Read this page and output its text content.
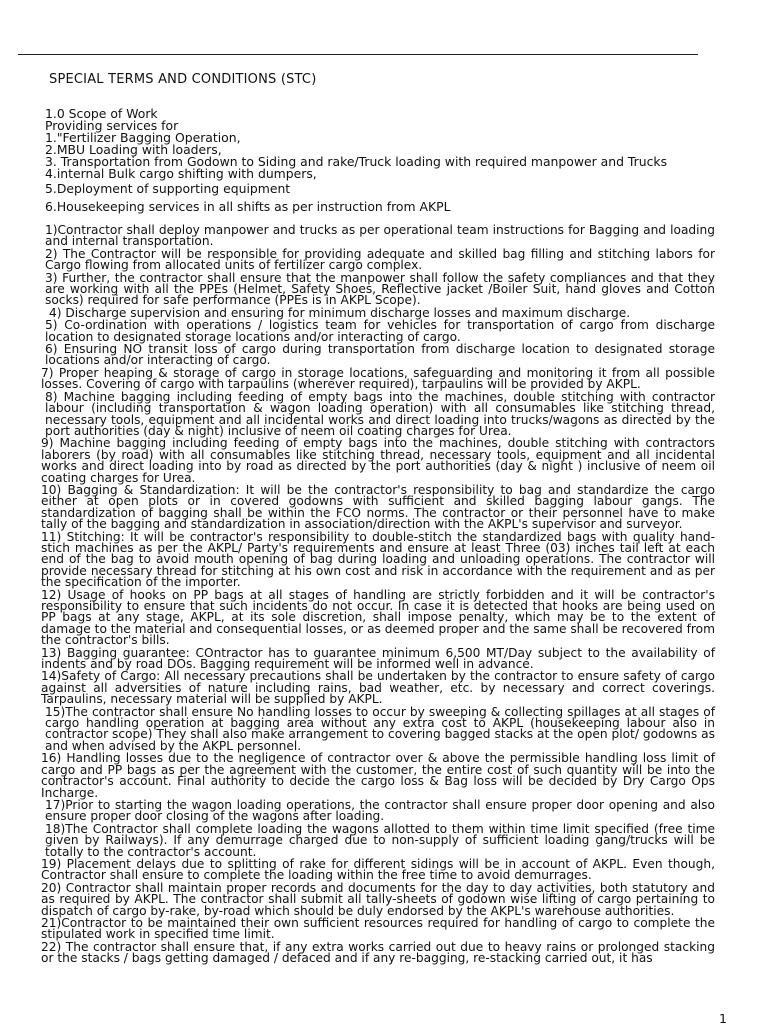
SPECIAL TERMS AND CONDITIONS (STC)
1.0 Scope of Work
Providing services for
1."Fertilizer Bagging Operation,
2.MBU Loading with loaders,
3. Transportation from Godown to Siding and rake/Truck loading with required manpower and Trucks
4.internal Bulk cargo shifting with dumpers,
5.Deployment of supporting equipment
6.Housekeeping services in all shifts as per instruction from AKPL
1)Contractor shall deploy manpower and trucks as per operational team instructions for Bagging and loading and internal transportation.
2) The Contractor will be responsible for providing adequate and skilled bag filling and stitching labors for Cargo flowing from allocated units of fertilizer cargo complex.
3) Further, the contractor shall ensure that the manpower shall follow the safety compliances and that they are working with all the PPEs (Helmet, Safety Shoes, Reflective jacket /Boiler Suit, hand gloves and Cotton socks) required for safe performance (PPEs is in AKPL Scope).
4) Discharge supervision and ensuring for minimum discharge losses and maximum discharge.
5) Co-ordination with operations / logistics team for vehicles for transportation of cargo from discharge location to designated storage locations and/or interacting of cargo.
6) Ensuring NO transit loss of cargo during transportation from discharge location to designated storage locations and/or interacting of cargo.
7) Proper heaping & storage of cargo in storage locations, safeguarding and monitoring it from all possible losses. Covering of cargo with tarpaulins (wherever required), tarpaulins will be provided by AKPL.
8) Machine bagging including feeding of empty bags into the machines, double stitching with contractor labour (including transportation & wagon loading operation) with all consumables like stitching thread, necessary tools, equipment and all incidental works and direct loading into trucks/wagons as directed by the port authorities (day & night) inclusive of neem oil coating charges for Urea.
9) Machine bagging including feeding of empty bags into the machines, double stitching with contractors laborers (by road) with all consumables like stitching thread, necessary tools, equipment and all incidental works and direct loading into by road as directed by the port authorities (day & night ) inclusive of neem oil coating charges for Urea.
10) Bagging & Standardization: It will be the contractor's responsibility to bag and standardize the cargo either at open plots or in covered godowns with sufficient and skilled bagging labour gangs. The standardization of bagging shall be within the FCO norms. The contractor or their personnel have to make tally of the bagging and standardization in association/direction with the AKPL's supervisor and surveyor.
11) Stitching: It will be contractor's responsibility to double-stitch the standardized bags with quality hand-stich machines as per the AKPL/ Party's requirements and ensure at least Three (03) inches tail left at each end of the bag to avoid mouth opening of bag during loading and unloading operations. The contractor will provide necessary thread for stitching at his own cost and risk in accordance with the requirement and as per the specification of the importer.
12) Usage of hooks on PP bags at all stages of handling are strictly forbidden and it will be contractor's responsibility to ensure that such incidents do not occur. In case it is detected that hooks are being used on PP bags at any stage, AKPL, at its sole discretion, shall impose penalty, which may be to the extent of damage to the material and consequential losses, or as deemed proper and the same shall be recovered from the contractor's bills.
13) Bagging guarantee: COntractor has to guarantee minimum 6,500 MT/Day subject to the availability of indents and by road DOs. Bagging requirement will be informed well in advance.
14)Safety of Cargo: All necessary precautions shall be undertaken by the contractor to ensure safety of cargo against all adversities of nature including rains, bad weather, etc. by necessary and correct coverings. Tarpaulins, necessary material will be supplied by AKPL.
15)The contractor shall ensure No handling losses to occur by sweeping & collecting spillages at all stages of cargo handling operation at bagging area without any extra cost to AKPL (housekeeping labour also in contractor scope) They shall also make arrangement to covering bagged stacks at the open plot/ godowns as and when advised by the AKPL personnel.
16) Handling losses due to the negligence of contractor over & above the permissible handling loss limit of cargo and PP bags as per the agreement with the customer, the entire cost of such quantity will be into the contractor's account. Final authority to decide the cargo loss & Bag loss will be decided by Dry Cargo Ops Incharge.
17)Prior to starting the wagon loading operations, the contractor shall ensure proper door opening and also ensure proper door closing of the wagons after loading.
18)The Contractor shall complete loading the wagons allotted to them within time limit specified (free time given by Railways). If any demurrage charged due to non-supply of sufficient loading gang/trucks will be totally to the contractor's account.
19) Placement delays due to splitting of rake for different sidings will be in account of AKPL. Even though, Contractor shall ensure to complete the loading within the free time to avoid demurrages.
20) Contractor shall maintain proper records and documents for the day to day activities, both statutory and as required by AKPL. The contractor shall submit all tally-sheets of godown wise lifting of cargo pertaining to dispatch of cargo by-rake, by-road which should be duly endorsed by the AKPL's warehouse authorities.
21)Contractor to be maintained their own sufficient resources required for handling of cargo to complete the stipulated work in specified time limit.
22) The contractor shall ensure that, if any extra works carried out due to heavy rains or prolonged stacking or the stacks / bags getting damaged / defaced and if any re-bagging, re-stacking carried out, it has
1
